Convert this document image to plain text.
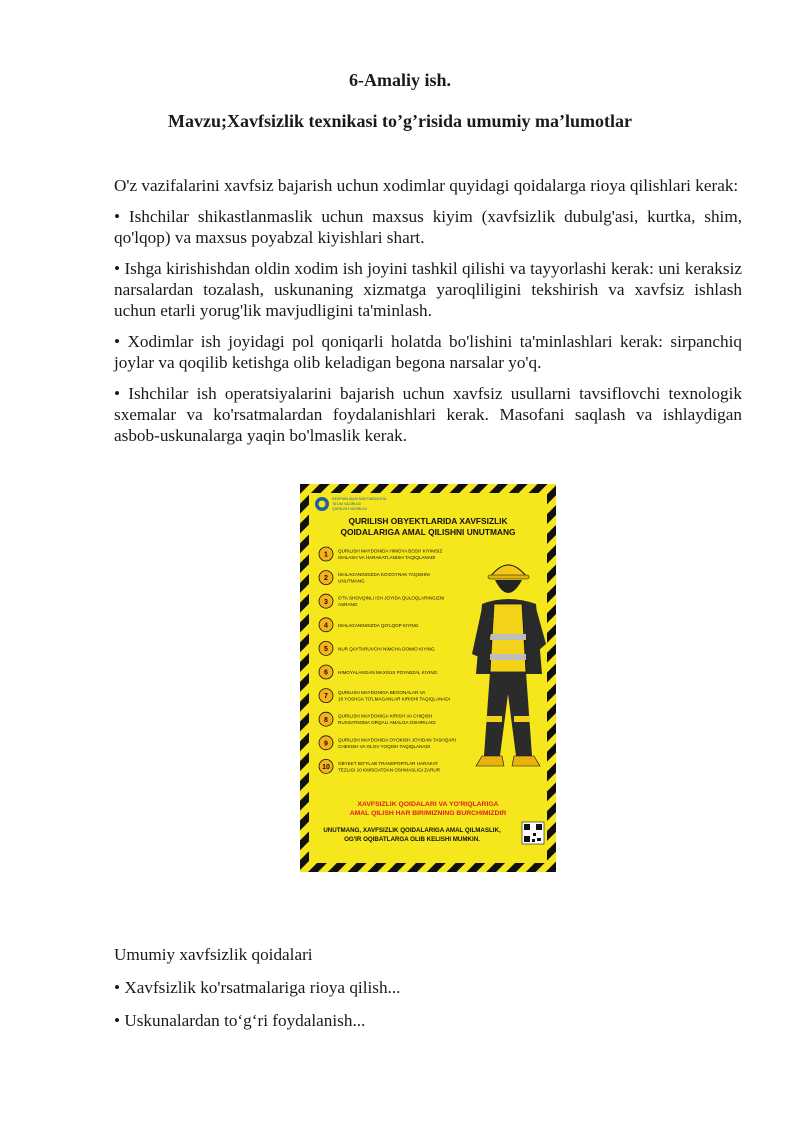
6-Amaliy ish.
Mavzu;Xavfsizlik texnikasi to’g’risida umumiy ma’lumotlar

O'z vazifalarini xavfsiz bajarish uchun xodimlar quyidagi qoidalarga rioya qilishlari kerak:

• Ishchilar shikastlanmaslik uchun maxsus kiyim (xavfsizlik dubulg'asi, kurtka, shim, qo'lqop) va maxsus poyabzal kiyishlari shart.

• Ishga kirishishdan oldin xodim ish joyini tashkil qilishi va tayyorlashi kerak: uni keraksiz narsalardan tozalash, uskunaning xizmatga yaroqliligini tekshirish va xavfsiz ishlash uchun etarli yorug'lik mavjudligini ta'minlash.

• Xodimlar ish joyidagi pol qoniqarli holatda bo'lishini ta'minlashlari kerak: sirpanchiq joylar va qoqilib ketishga olib keladigan begona narsalar yo'q.

• Ishchilar ish operatsiyalarini bajarish uchun xavfsiz usullarni tavsiflovchi texnologik sxemalar va ko'rsatmalardan foydalanishlari kerak. Masofani saqlash va ishlaydigan asbob-uskunalarga yaqin bo'lmaslik kerak.

RESPUBLIKASI MAKTABGACHA
TA'LIM VAZIRLIGI
QURILISH VAZIRLIGI
QURILISH OBYEKTLARIDA XAVFSIZLIK
QOIDALARIGA AMAL QILISHNI UNUTMANG
1
QURILISH MAYDONIDA HIMOYA BOSH KIYIMSIZ
ISHLASH VA HARAKATLANISH TAQIQLANADI
2
ISHLAGANINGIZDA KO'ZOYNAK TAQISHNI
UNUTMANG
3
O'TA SHOVQINLI ISH JOYIDA QULOQLARINGIZNI
ASRANG
4 ISHLAGANINGIZDA QO'LQOP KIYING
5 NUR QAYTARUVCHI NIMCHA DOIMO KIYING
6 HIMOYALANGAN MAXSUS POYABZAL KIYING
7
QURILISH MAYDONIGA BEGONALAR VA
18 YOSHGA TO'LMAGANLAR KIRISHI TAQIQLANADI
8
QURILISH MAYDONIGA KIRISH VA CHIQISH
RUXSATNOMA ORQALI AMALGA OSHIRILADI
9
QURILISH MAYDONIDA OYOKISH JOYIDAN TASHQARI
CHEKISH VA OLOV YOQISH TAQIQLANADI
10
OBYEKT BO'YLAB TRANSPORTLAR HARAKAT
TEZLIGI 10 KM/SOATDAN OSHMASLIGI ZARUR
XAVFSIZLIK QOIDALARI VA YO'RIQLARIGA
AMAL QILISH HAR BIRIMIZNING BURCHIMIZDIR
UNUTMANG, XAVFSIZLIK QOIDALARIGA AMAL QILMASLIK,
OG'IR OQIBATLARGA OLIB KELISHI MUMKIN.

Umumiy xavfsizlik qoidalari

• Xavfsizlik ko'rsatmalariga rioya qilish...

• Uskunalardan to‘g‘ri foydalanish...
